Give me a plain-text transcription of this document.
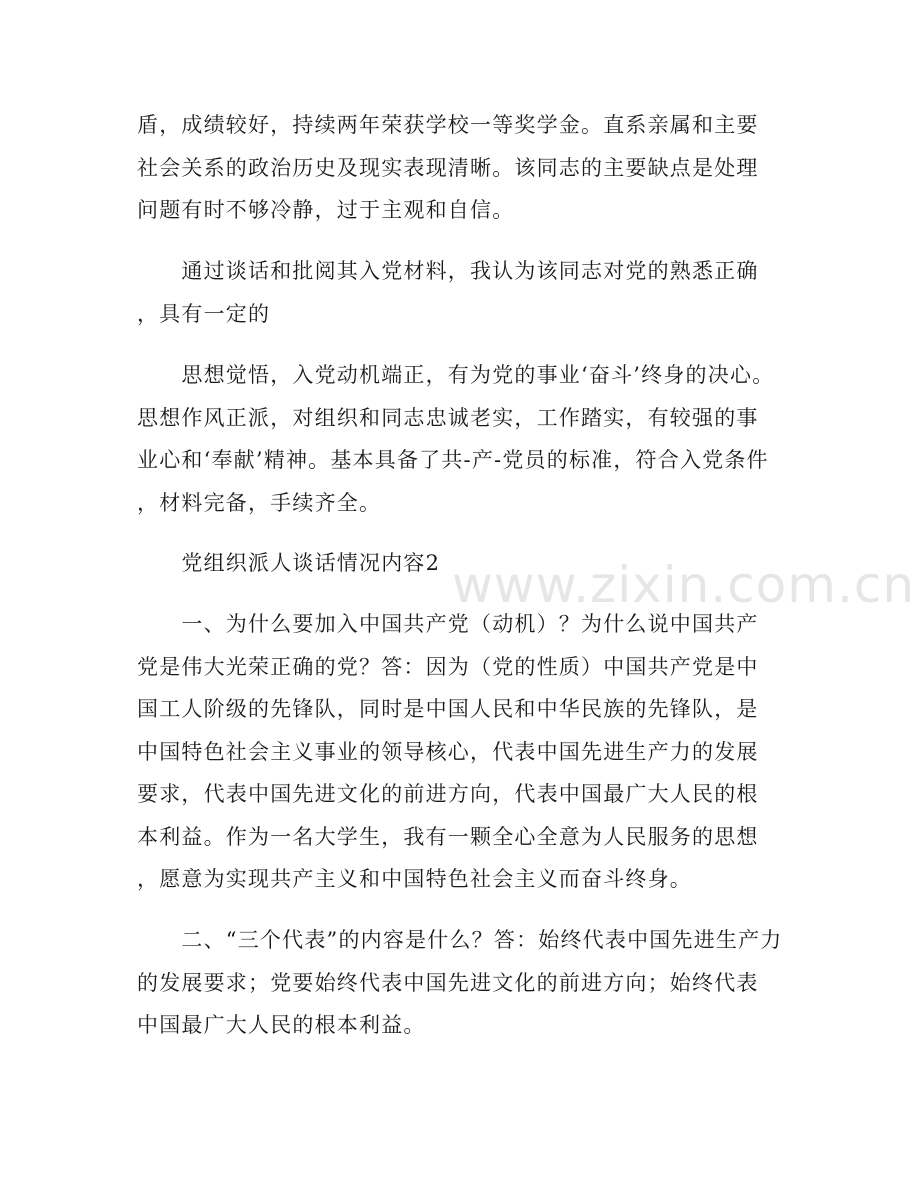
盾，成绩较好，持续两年荣获学校一等奖学金。直系亲属和主要
社会关系的政治历史及现实表现清晰。该同志的主要缺点是处理
问题有时不够冷静，过于主观和自信。
　　通过谈话和批阅其入党材料，我认为该同志对党的熟悉正确
，具有一定的
　　思想觉悟，入党动机端正，有为党的事业‘奋斗’终身的决心。
思想作风正派，对组织和同志忠诚老实，工作踏实，有较强的事
业心和‘奉献’精神。基本具备了共-产-党员的标准，符合入党条件
，材料完备，手续齐全。
　　党组织派人谈话情况内容2
　　一、为什么要加入中国共产党（动机）？为什么说中国共产
党是伟大光荣正确的党？答：因为（党的性质）中国共产党是中
国工人阶级的先锋队，同时是中国人民和中华民族的先锋队，是
中国特色社会主义事业的领导核心，代表中国先进生产力的发展
要求，代表中国先进文化的前进方向，代表中国最广大人民的根
本利益。作为一名大学生，我有一颗全心全意为人民服务的思想
，愿意为实现共产主义和中国特色社会主义而奋斗终身。
　　二、“三个代表”的内容是什么？答：始终代表中国先进生产力
的发展要求；党要始终代表中国先进文化的前进方向；始终代表
中国最广大人民的根本利益。
www.zixin.com.cn
